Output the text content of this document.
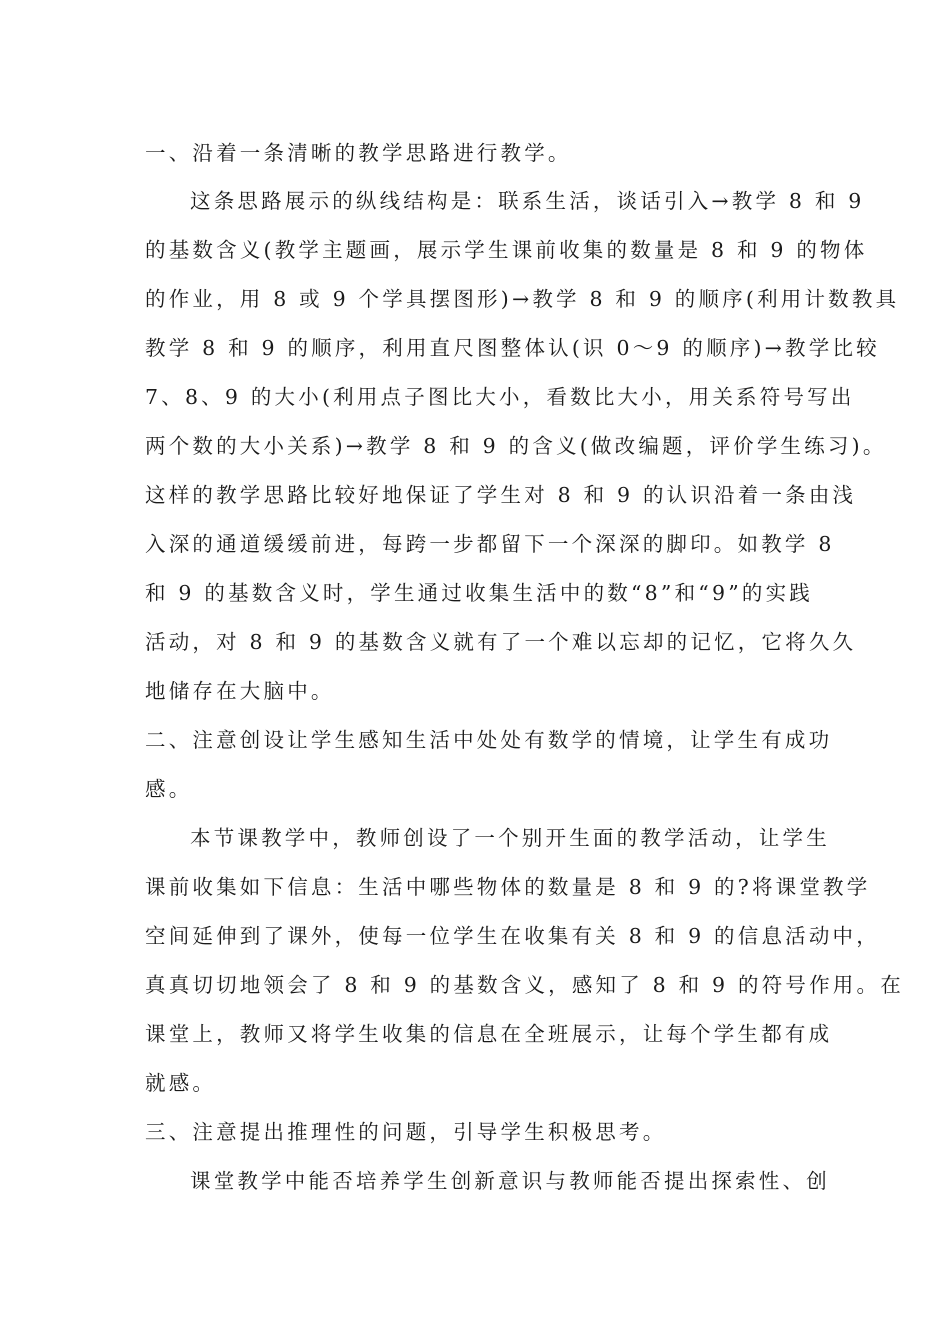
一、沿着一条清晰的教学思路进行教学。

这条思路展示的纵线结构是：联系生活，谈话引入→教学 8 和 9

的基数含义(教学主题画，展示学生课前收集的数量是 8 和 9 的物体

的作业，用 8 或 9 个学具摆图形)→教学 8 和 9 的顺序(利用计数教具

教学 8 和 9 的顺序，利用直尺图整体认(识 0～9 的顺序)→教学比较

7、8、9 的大小(利用点子图比大小，看数比大小，用关系符号写出

两个数的大小关系)→教学 8 和 9 的含义(做改编题，评价学生练习)。

这样的教学思路比较好地保证了学生对 8 和 9 的认识沿着一条由浅

入深的通道缓缓前进，每跨一步都留下一个深深的脚印。如教学 8

和 9 的基数含义时，学生通过收集生活中的数“8”和“9”的实践

活动，对 8 和 9 的基数含义就有了一个难以忘却的记忆，它将久久

地储存在大脑中。

二、注意创设让学生感知生活中处处有数学的情境，让学生有成功

感。

本节课教学中，教师创设了一个别开生面的教学活动，让学生

课前收集如下信息：生活中哪些物体的数量是 8 和 9 的?将课堂教学

空间延伸到了课外，使每一位学生在收集有关 8 和 9 的信息活动中，

真真切切地领会了 8 和 9 的基数含义，感知了 8 和 9 的符号作用。在

课堂上，教师又将学生收集的信息在全班展示，让每个学生都有成

就感。

三、注意提出推理性的问题，引导学生积极思考。

课堂教学中能否培养学生创新意识与教师能否提出探索性、创
